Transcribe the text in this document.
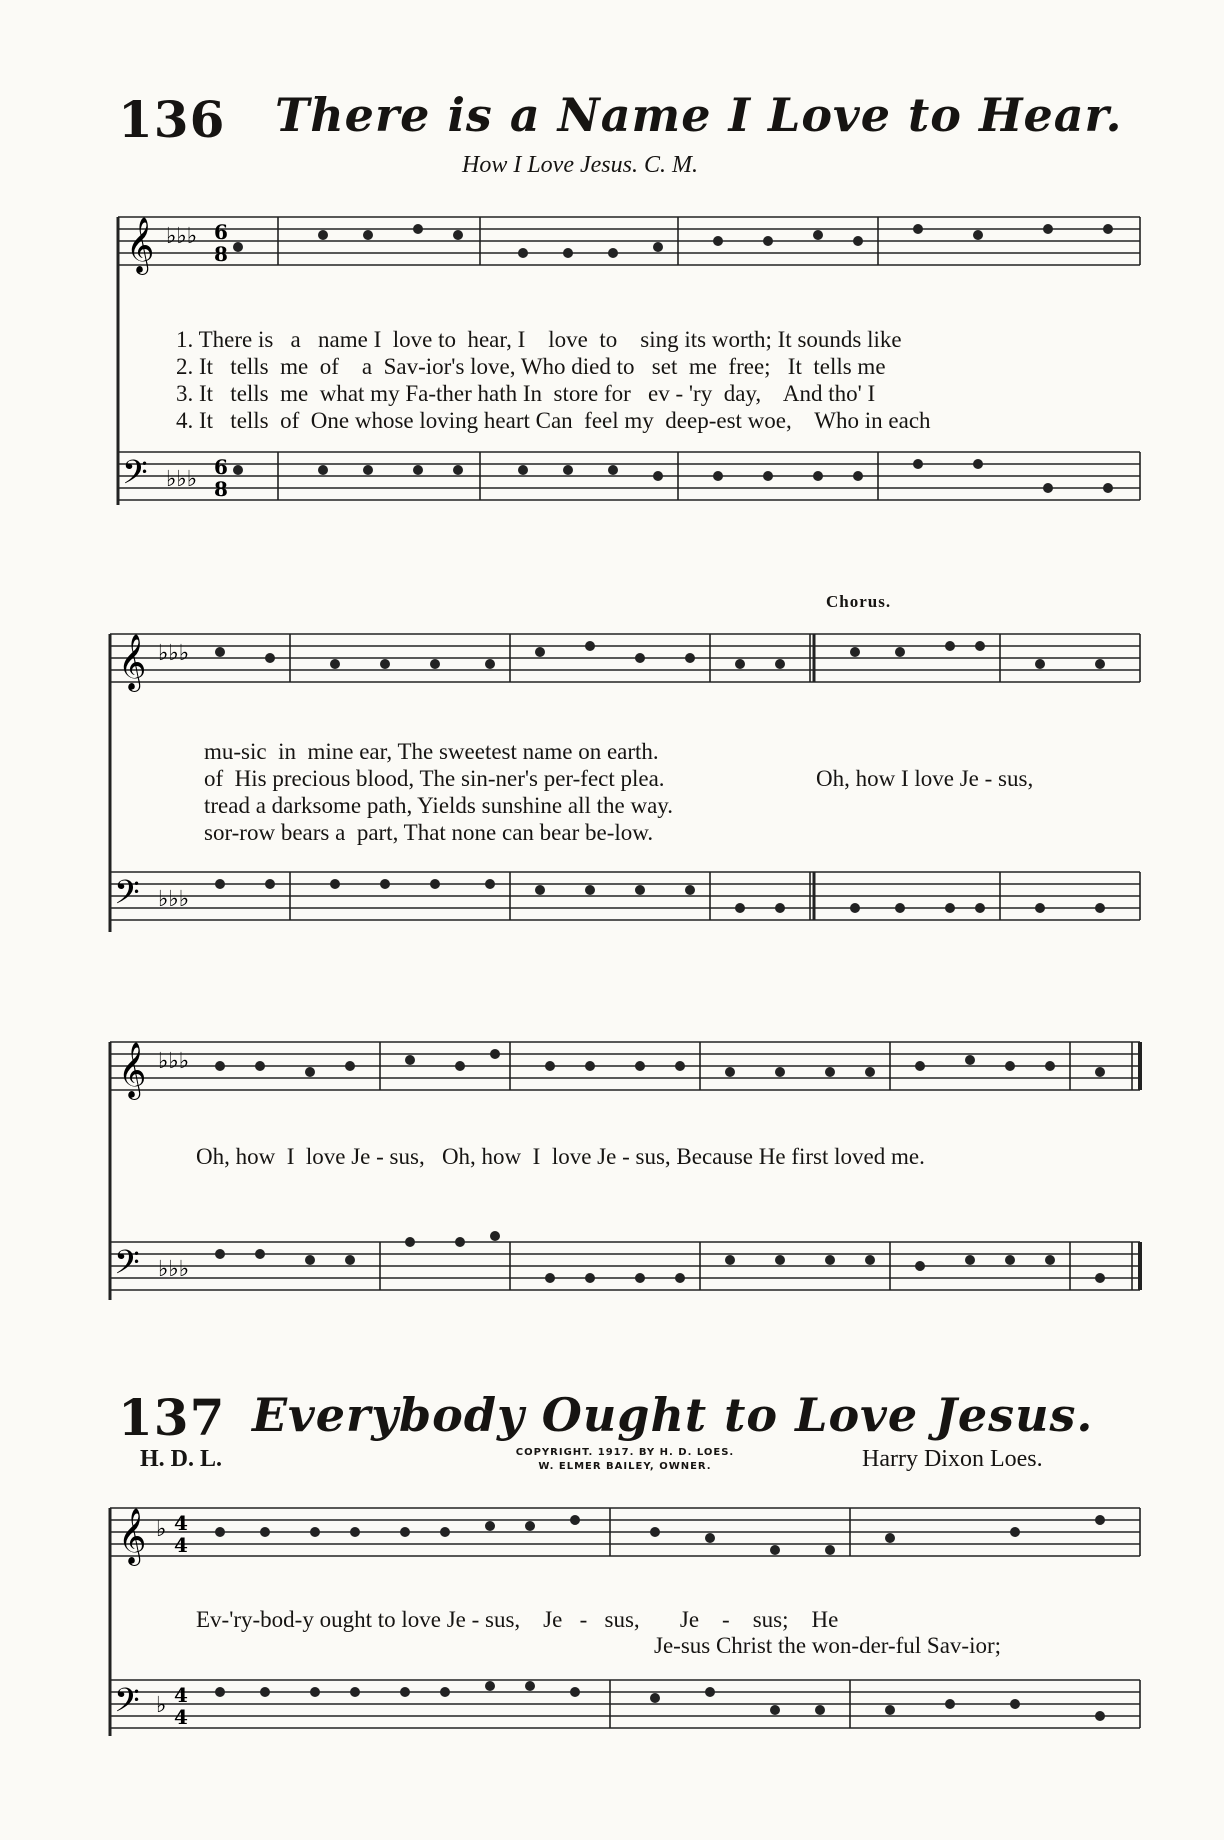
136 There is a Name I Love to Hear.
How I Love Jesus. C. M.
𝄞 ♭♭♭ 6
8
1. There is   a   name I  love to  hear, I    love  to    sing its worth; It sounds like
2. It   tells  me  of    a  Sav-ior's love, Who died to   set  me  free;   It  tells me
3. It   tells  me  what my Fa-ther hath In  store for   ev - 'ry  day,    And tho' I
4. It   tells  of  One whose loving heart Can  feel my  deep-est woe,    Who in each
𝄢 ♭♭♭ 6
8
Chorus.
𝄞 ♭♭♭
mu-sic  in  mine ear, The sweetest name on earth.
of  His precious blood, The sin-ner's per-fect plea.	Oh, how I love Je - sus,
tread a darksome path, Yields sunshine all the way.
sor-row bears a  part, That none can bear be-low.
𝄢 ♭♭♭
𝄞 ♭♭♭
Oh, how  I  love Je - sus,   Oh, how  I  love Je - sus, Because He first loved me.
𝄢 ♭♭♭
137 Everybody Ought to Love Jesus.
H. D. L.	COPYRIGHT. 1917. BY H. D. LOES.
W. ELMER BAILEY, OWNER.	Harry Dixon Loes.
𝄞 ♭ 4
4
Ev-'ry-bod-y ought to love Je - sus,    Je   -   sus,       Je    -    sus;    He
Je-sus Christ the won-der-ful Sav-ior;
𝄢 ♭ 4
4
